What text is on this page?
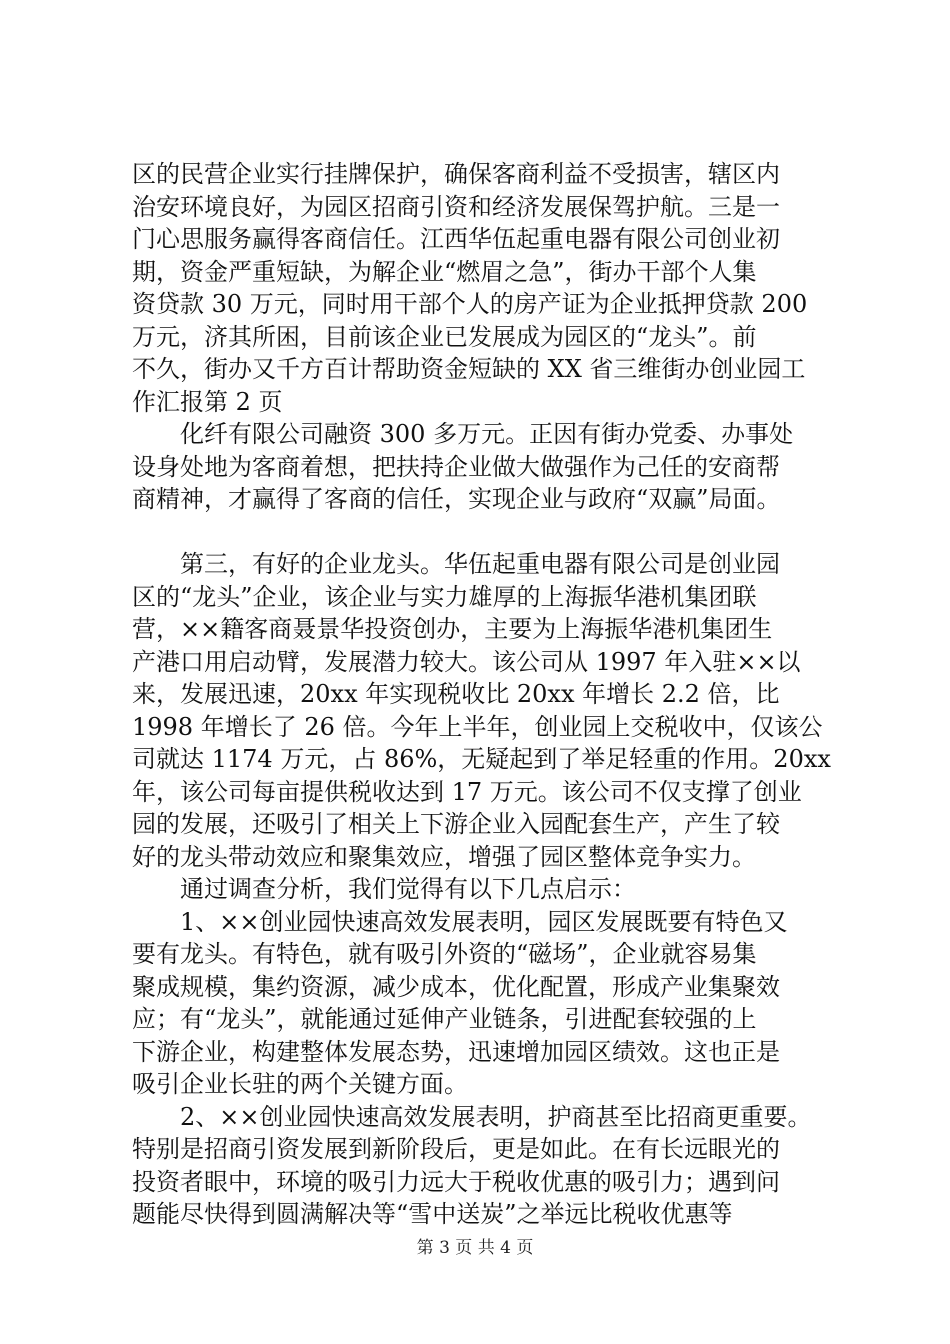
区的民营企业实行挂牌保护，确保客商利益不受损害，辖区内
治安环境良好，为园区招商引资和经济发展保驾护航。三是一
门心思服务赢得客商信任。江西华伍起重电器有限公司创业初
期，资金严重短缺，为解企业“燃眉之急”，街办干部个人集
资贷款 30 万元，同时用干部个人的房产证为企业抵押贷款 200
万元，济其所困，目前该企业已发展成为园区的“龙头”。前
不久，街办又千方百计帮助资金短缺的 XX 省三维街办创业园工
作汇报第 2 页
　　化纤有限公司融资 300 多万元。正因有街办党委、办事处
设身处地为客商着想，把扶持企业做大做强作为己任的安商帮
商精神，才赢得了客商的信任，实现企业与政府“双赢”局面。
　　第三，有好的企业龙头。华伍起重电器有限公司是创业园
区的“龙头”企业，该企业与实力雄厚的上海振华港机集团联
营，××籍客商聂景华投资创办，主要为上海振华港机集团生
产港口用启动臂，发展潜力较大。该公司从 1997 年入驻××以
来，发展迅速，20xx 年实现税收比 20xx 年增长 2.2 倍，比
1998 年增长了 26 倍。今年上半年，创业园上交税收中，仅该公
司就达 1174 万元，占 86%，无疑起到了举足轻重的作用。20xx
年，该公司每亩提供税收达到 17 万元。该公司不仅支撑了创业
园的发展，还吸引了相关上下游企业入园配套生产，产生了较
好的龙头带动效应和聚集效应，增强了园区整体竞争实力。
　　通过调查分析，我们觉得有以下几点启示：
　　1、××创业园快速高效发展表明，园区发展既要有特色又
要有龙头。有特色，就有吸引外资的“磁场”，企业就容易集
聚成规模，集约资源，减少成本，优化配置，形成产业集聚效
应；有“龙头”，就能通过延伸产业链条，引进配套较强的上
下游企业，构建整体发展态势，迅速增加园区绩效。这也正是
吸引企业长驻的两个关键方面。
　　2、××创业园快速高效发展表明，护商甚至比招商更重要。
特别是招商引资发展到新阶段后，更是如此。在有长远眼光的
投资者眼中，环境的吸引力远大于税收优惠的吸引力；遇到问
题能尽快得到圆满解决等“雪中送炭”之举远比税收优惠等
第 3 页 共 4 页
